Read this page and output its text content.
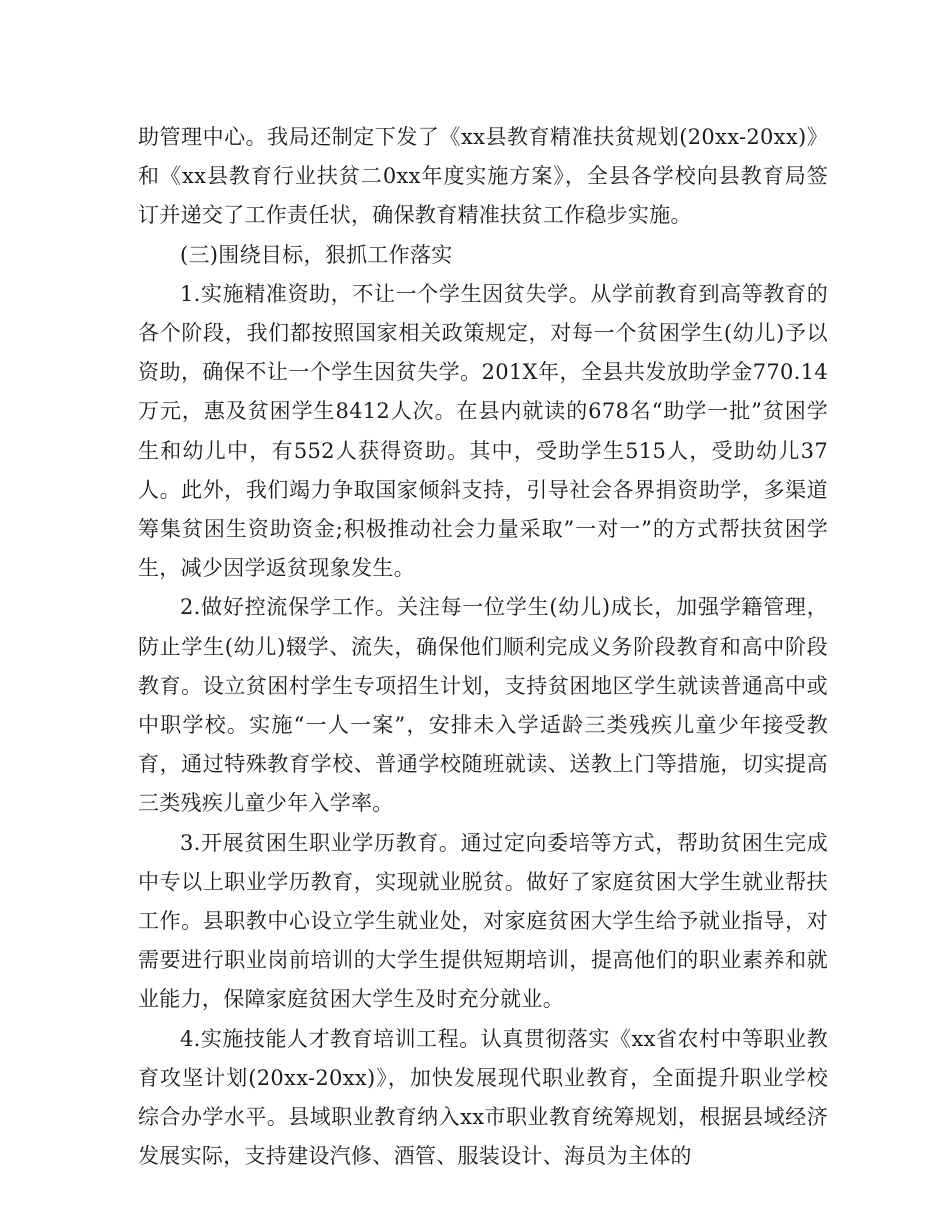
助管理中心。我局还制定下发了《xx县教育精准扶贫规划(20xx-20xx)》和《xx县教育行业扶贫二0xx年度实施方案》，全县各学校向县教育局签订并递交了工作责任状，确保教育精准扶贫工作稳步实施。

(三)围绕目标，狠抓工作落实

1.实施精准资助，不让一个学生因贫失学。从学前教育到高等教育的各个阶段，我们都按照国家相关政策规定，对每一个贫困学生(幼儿)予以资助，确保不让一个学生因贫失学。201X年，全县共发放助学金770.14万元，惠及贫困学生8412人次。在县内就读的678名“助学一批”贫困学生和幼儿中，有552人获得资助。其中，受助学生515人，受助幼儿37人。此外，我们竭力争取国家倾斜支持，引导社会各界捐资助学，多渠道筹集贫困生资助资金;积极推动社会力量采取”一对一”的方式帮扶贫困学生，减少因学返贫现象发生。

2.做好控流保学工作。关注每一位学生(幼儿)成长，加强学籍管理，防止学生(幼儿)辍学、流失，确保他们顺利完成义务阶段教育和高中阶段教育。设立贫困村学生专项招生计划，支持贫困地区学生就读普通高中或中职学校。实施“一人一案”，安排未入学适龄三类残疾儿童少年接受教育，通过特殊教育学校、普通学校随班就读、送教上门等措施，切实提高三类残疾儿童少年入学率。

3.开展贫困生职业学历教育。通过定向委培等方式，帮助贫困生完成中专以上职业学历教育，实现就业脱贫。做好了家庭贫困大学生就业帮扶工作。县职教中心设立学生就业处，对家庭贫困大学生给予就业指导，对需要进行职业岗前培训的大学生提供短期培训，提高他们的职业素养和就业能力，保障家庭贫困大学生及时充分就业。

4.实施技能人才教育培训工程。认真贯彻落实《xx省农村中等职业教育攻坚计划(20xx-20xx)》，加快发展现代职业教育，全面提升职业学校综合办学水平。县域职业教育纳入xx市职业教育统筹规划，根据县域经济发展实际，支持建设汽修、酒管、服装设计、海员为主体的
